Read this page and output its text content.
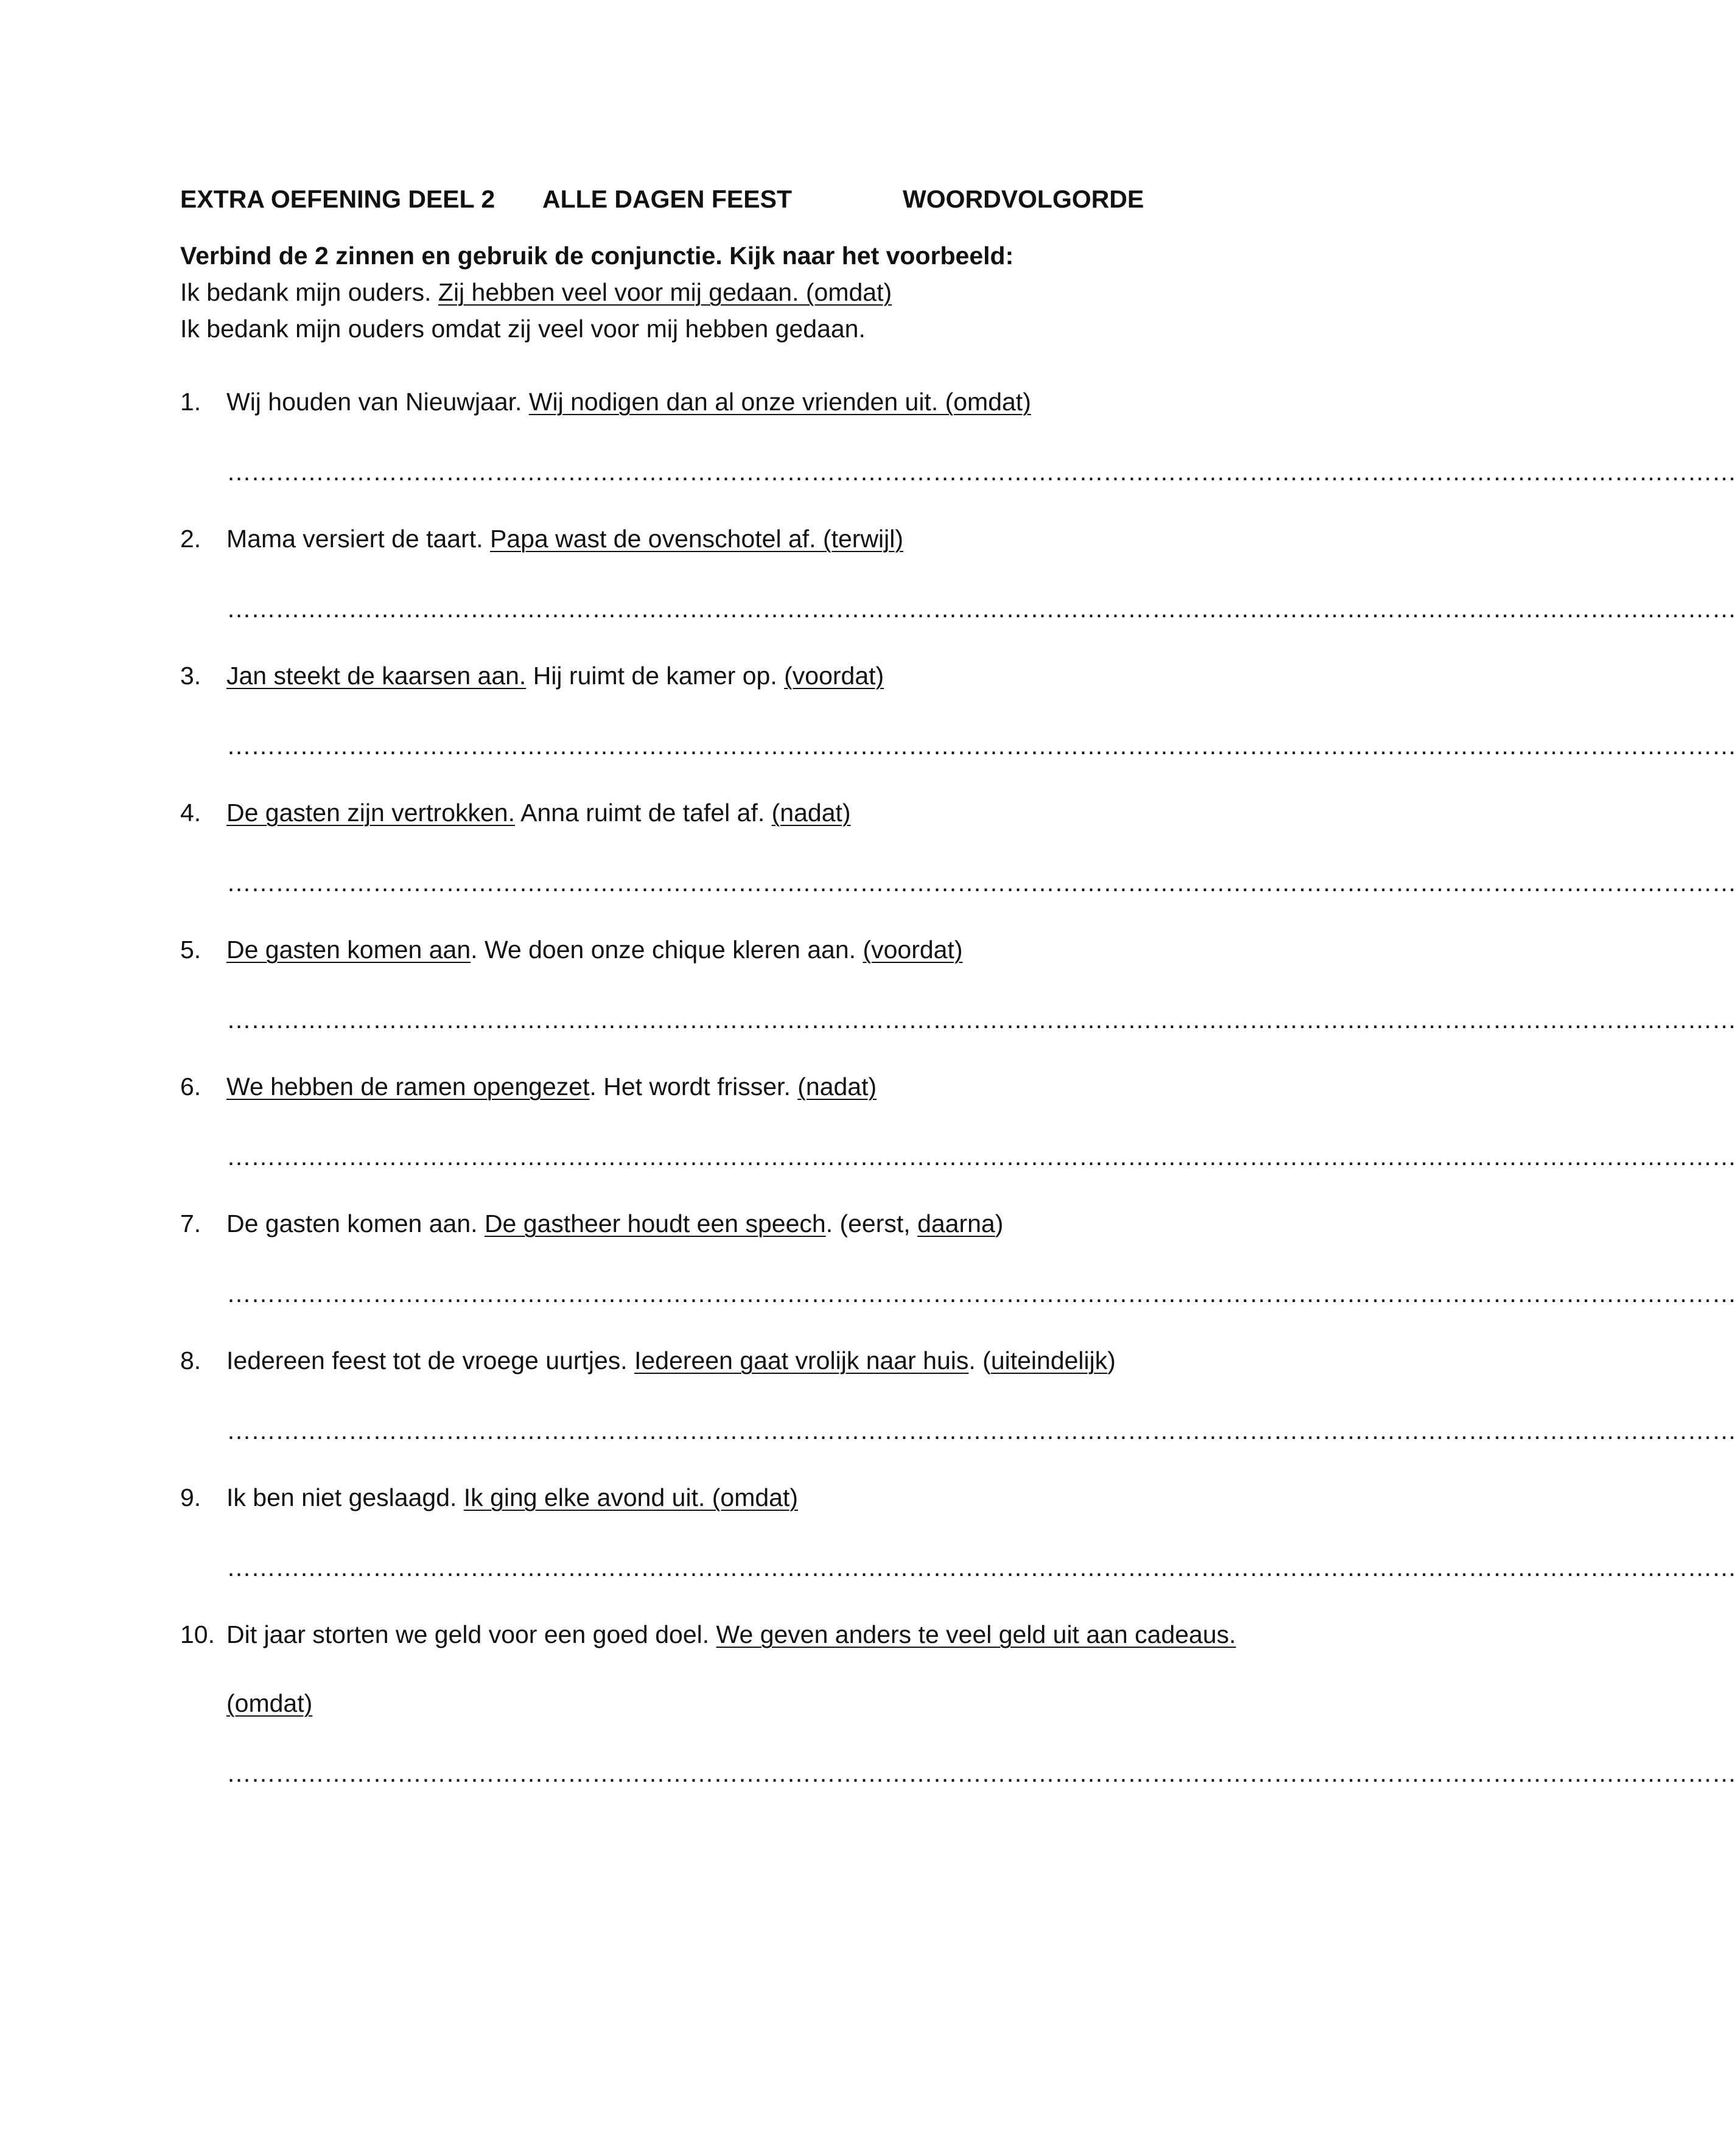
EXTRA OEFENING DEEL 2 ALLE DAGEN FEEST	WOORDVOLGORDE
Verbind de 2 zinnen en gebruik de conjunctie. Kijk naar het voorbeeld:
Ik bedank mijn ouders. Zij hebben veel voor mij gedaan. (omdat)
Ik bedank mijn ouders omdat zij veel voor mij hebben gedaan.
1. Wij houden van Nieuwjaar. Wij nodigen dan al onze vrienden uit. (omdat)
……………………………………………………………………………………………………………………………………………………………………
2. Mama versiert de taart. Papa wast de ovenschotel af. (terwijl)
……………………………………………………………………………………………………………………………………………………………………
3. Jan steekt de kaarsen aan. Hij ruimt de kamer op. (voordat)
……………………………………………………………………………………………………………………………………………………………………
4. De gasten zijn vertrokken. Anna ruimt de tafel af. (nadat)
……………………………………………………………………………………………………………………………………………………………………
5. De gasten komen aan. We doen onze chique kleren aan. (voordat)
……………………………………………………………………………………………………………………………………………………………………
6. We hebben de ramen opengezet. Het wordt frisser. (nadat)
……………………………………………………………………………………………………………………………………………………………………
7. De gasten komen aan. De gastheer houdt een speech. (eerst, daarna)
……………………………………………………………………………………………………………………………………………………………………
8. Iedereen feest tot de vroege uurtjes. Iedereen gaat vrolijk naar huis. (uiteindelijk)
……………………………………………………………………………………………………………………………………………………………………
9. Ik ben niet geslaagd. Ik ging elke avond uit. (omdat)
……………………………………………………………………………………………………………………………………………………………………
10. Dit jaar storten we geld voor een goed doel. We geven anders te veel geld uit aan cadeaus.
(omdat)
……………………………………………………………………………………………………………………………………………………………………
